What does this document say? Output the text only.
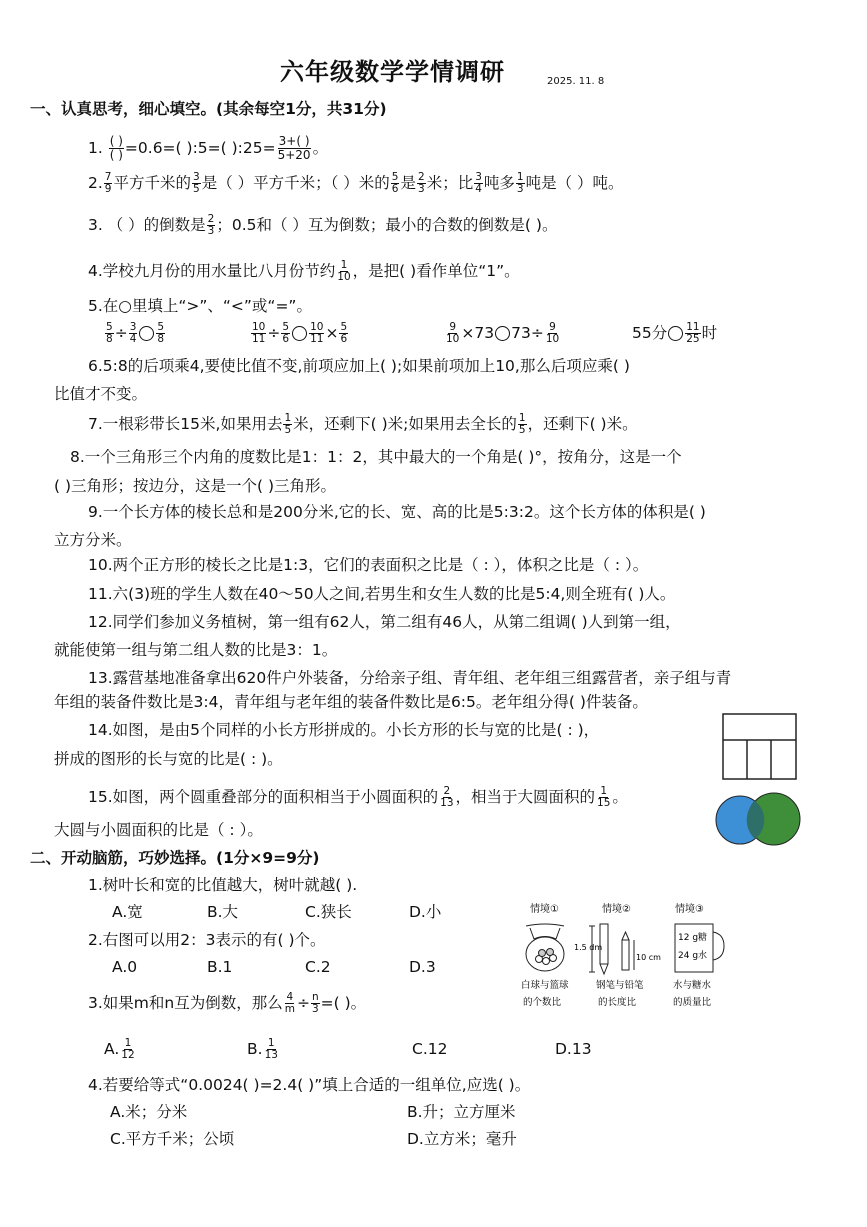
六年级数学学情调研	2025. 11. 8
一、认真思考，细心填空。(其余每空1分，共31分)
1. $\frac{( )}{( )} =0.6=$( ):5=( ):25= $\frac{3+( )}{5+20}$ 。
2. $\frac{7}{9}$ 平方千米的 $\frac{3}{5}$ 是（ ）平方千米；（ ）米的 $\frac{5}{6}$ 是 $\frac{2}{3}$ 米；比 $\frac{3}{4}$ 吨多 $\frac{1}{3}$ 吨是（ ）吨。
3. （ ）的倒数是 $\frac{2}{3}$ ；0.5和（ ）互为倒数；最小的合数的倒数是( )。
4.学校九月份的用水量比八月份节约 $\frac{1}{10}$ ，是把( )看作单位“1”。
5.在○里填上“>”、“<”或“=”。
$\frac{5}{8} \div \frac{3}{4} \frac{5}{8}$	$\frac{10}{11} \div \frac{5}{6} \frac{10}{11} \times \frac{5}{6}$	$\frac{9}{10} \times 73$ $73\div \frac{9}{10}$	55分 $\frac{11}{25}$ 时
6.5:8的后项乘4,要使比值不变,前项应加上( );如果前项加上10,那么后项应乘( )
比值才不变。
7.一根彩带长15米,如果用去 $\frac{1}{5}$ 米，还剩下( )米;如果用去全长的 $\frac{1}{5}$ ，还剩下( )米。
8.一个三角形三个内角的度数比是1：1：2，其中最大的一个角是( )°，按角分，这是一个
( )三角形；按边分，这是一个( )三角形。
9.一个长方体的棱长总和是200分米,它的长、宽、高的比是5:3:2。这个长方体的体积是( )
立方分米。
10.两个正方形的棱长之比是1:3，它们的表面积之比是（ : ），体积之比是（ : ）。
11.六(3)班的学生人数在40～50人之间,若男生和女生人数的比是5:4,则全班有( )人。
12.同学们参加义务植树，第一组有62人，第二组有46人，从第二组调( )人到第一组，
就能使第一组与第二组人数的比是3：1。
13.露营基地准备拿出620件户外装备，分给亲子组、青年组、老年组三组露营者，亲子组与青
年组的装备件数比是3:4，青年组与老年组的装备件数比是6:5。老年组分得( )件装备。
14.如图，是由5个同样的小长方形拼成的。小长方形的长与宽的比是( : )，
拼成的图形的长与宽的比是( : )。
15.如图，两个圆重叠部分的面积相当于小圆面积的 $\frac{2}{13}$ ，相当于大圆面积的 $\frac{1}{15}$ 。
大圆与小圆面积的比是（ : ）。
二、开动脑筋，巧妙选择。(1分×9=9分)
1.树叶长和宽的比值越大，树叶就越( ).
A.宽	B.大	C.狭长	D.小
2.右图可以用2：3表示的有( )个。
A.0	B.1	C.2	D.3
3.如果m和n互为倒数，那么 $\frac{4}{m} \div \frac{n}{3}$ =( )。
A. $\frac{1}{12}$	B. $\frac{1}{13}$	C.12	D.13
4.若要给等式“0.0024( )=2.4( )”填上合适的一组单位,应选( )。
A.米；分米	B.升；立方厘米
C.平方千米；公顷	D.立方米；毫升
情境①	情境②	情境③
白球与篮球
的个数比
1.5 dm
10 cm
钢笔与铅笔
的长度比
12 g糖
24 g水
水与糖水
的质量比
